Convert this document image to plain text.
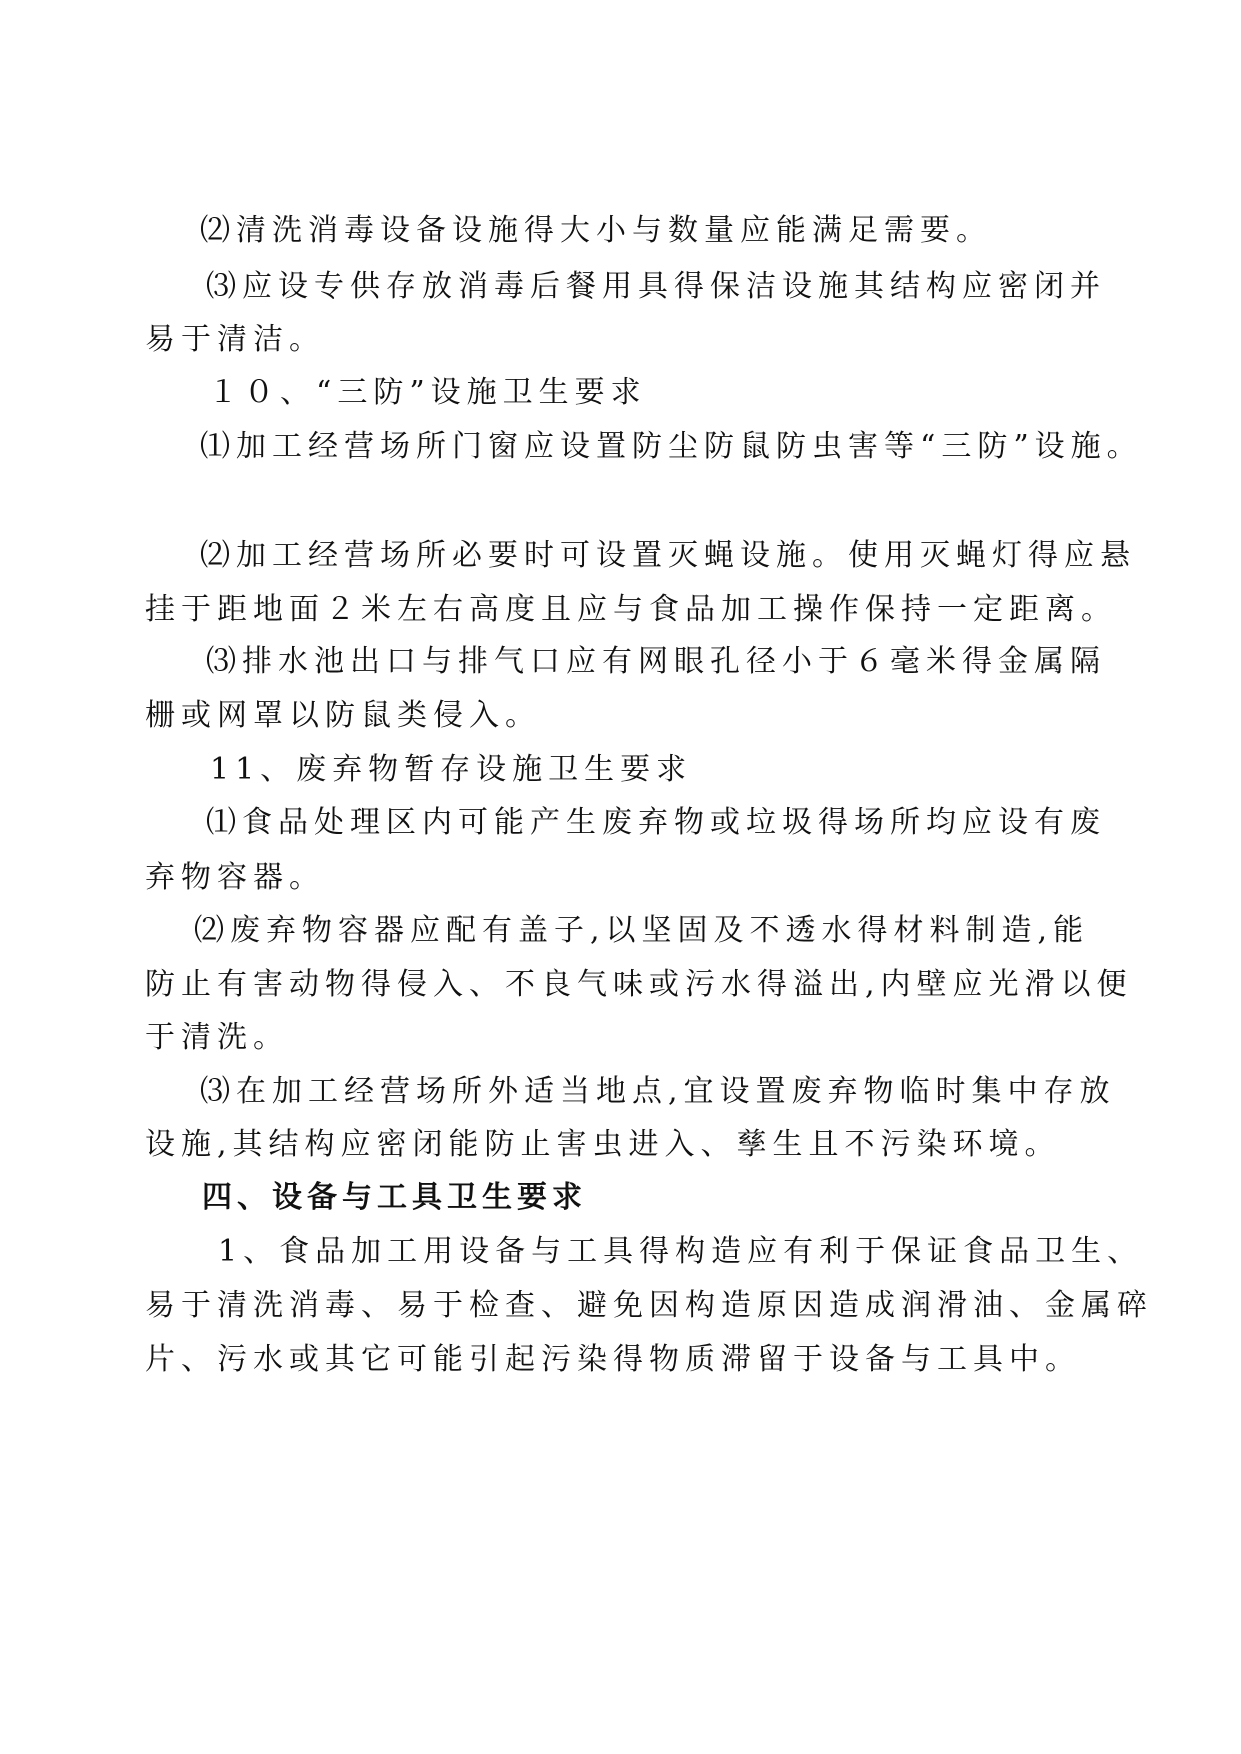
⑵清洗消毒设备设施得大小与数量应能满足需要。
⑶应设专供存放消毒后餐用具得保洁设施其结构应密闭并
易于清洁。
１０、“三防”设施卫生要求
⑴加工经营场所门窗应设置防尘防鼠防虫害等“三防”设施。
⑵加工经营场所必要时可设置灭蝇设施。使用灭蝇灯得应悬
挂于距地面２米左右高度且应与食品加工操作保持一定距离。
⑶排水池出口与排气口应有网眼孔径小于６毫米得金属隔
栅或网罩以防鼠类侵入。
11、废弃物暂存设施卫生要求
⑴食品处理区内可能产生废弃物或垃圾得场所均应设有废
弃物容器。
⑵废弃物容器应配有盖子,以坚固及不透水得材料制造,能
防止有害动物得侵入、不良气味或污水得溢出,内壁应光滑以便
于清洗。
⑶在加工经营场所外适当地点,宜设置废弃物临时集中存放
设施,其结构应密闭能防止害虫进入、孳生且不污染环境。
四、设备与工具卫生要求
1、食品加工用设备与工具得构造应有利于保证食品卫生、
易于清洗消毒、易于检查、避免因构造原因造成润滑油、金属碎
片、污水或其它可能引起污染得物质滞留于设备与工具中。
